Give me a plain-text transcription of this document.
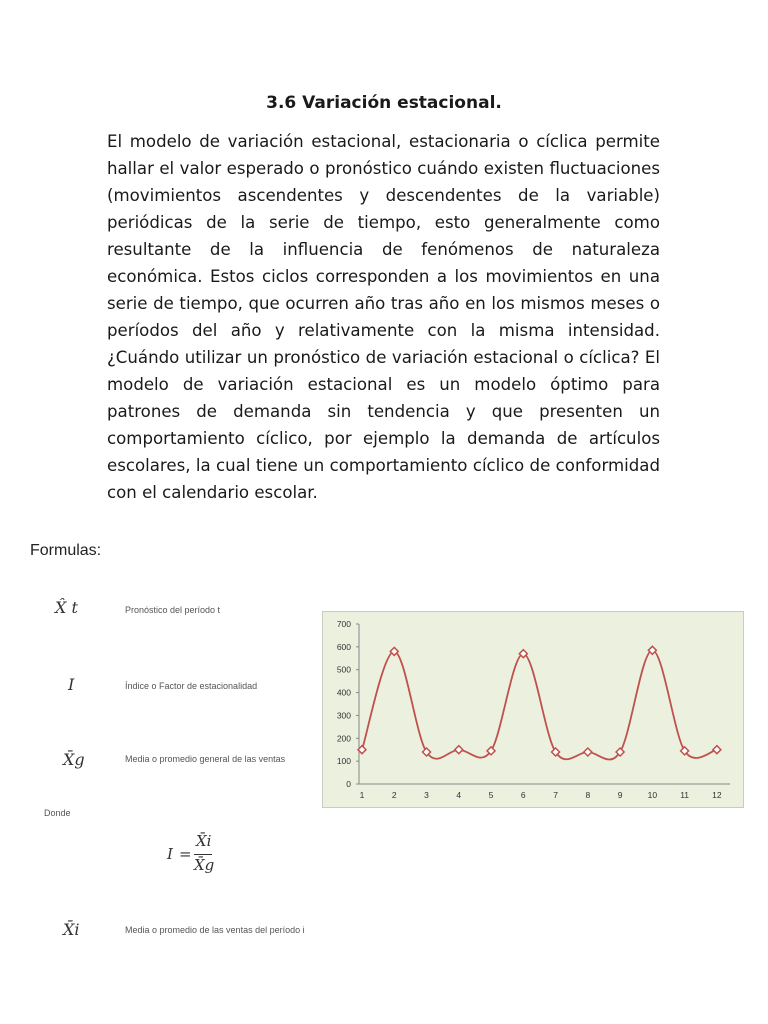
3.6 Variación estacional.

El modelo de variación estacional, estacionaria o cíclica permite hallar el valor esperado o pronóstico cuándo existen fluctuaciones (movimientos ascendentes y descendentes de la variable) periódicas de la serie de tiempo, esto generalmente como resultante de la influencia de fenómenos de naturaleza económica. Estos ciclos corresponden a los movimientos en una serie de tiempo, que ocurren año tras año en los mismos meses o períodos del año y relativamente con la misma intensidad. ¿Cuándo utilizar un pronóstico de variación estacional o cíclica? El modelo de variación estacional es un modelo óptimo para patrones de demanda sin tendencia y que presenten un comportamiento cíclico, por ejemplo la demanda de artículos escolares, la cual tiene un comportamiento cíclico de conformidad con el calendario escolar.

Formulas:
X̂ t	Pronóstico del período t
I	Índice o Factor de estacionalidad
X̄g	Media o promedio general de las ventas
Donde
I =
X̄i
X̄g
X̄i	Media o promedio de las ventas del período i
0
100
200
300
400
500
600
700
1	2	3	4	5	6	7	8	9	10	11	12
